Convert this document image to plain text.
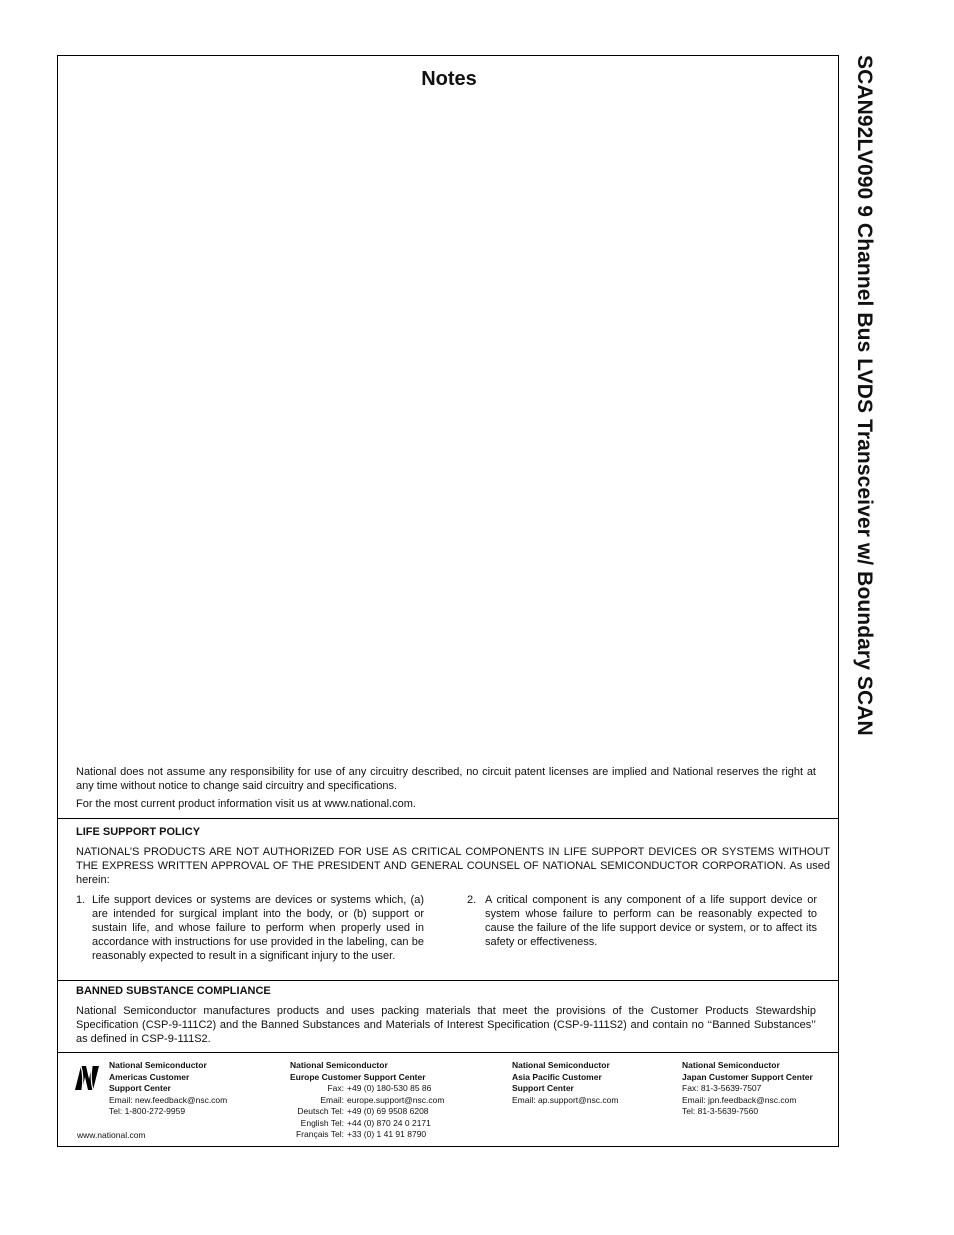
SCAN92LV090 9 Channel Bus LVDS Transceiver w/ Boundary SCAN
Notes
National does not assume any responsibility for use of any circuitry described, no circuit patent licenses are implied and National reserves the right at any time without notice to change said circuitry and specifications.
For the most current product information visit us at www.national.com.
LIFE SUPPORT POLICY
NATIONAL’S PRODUCTS ARE NOT AUTHORIZED FOR USE AS CRITICAL COMPONENTS IN LIFE SUPPORT DEVICES OR SYSTEMS WITHOUT THE EXPRESS WRITTEN APPROVAL OF THE PRESIDENT AND GENERAL COUNSEL OF NATIONAL SEMICONDUCTOR CORPORATION. As used herein:
1. Life support devices or systems are devices or systems which, (a) are intended for surgical implant into the body, or (b) support or sustain life, and whose failure to perform when properly used in accordance with instructions for use provided in the labeling, can be reasonably expected to result in a significant injury to the user.
2. A critical component is any component of a life support device or system whose failure to perform can be reasonably expected to cause the failure of the life support device or system, or to affect its safety or effectiveness.
BANNED SUBSTANCE COMPLIANCE
National Semiconductor manufactures products and uses packing materials that meet the provisions of the Customer Products Stewardship Specification (CSP-9-111C2) and the Banned Substances and Materials of Interest Specification (CSP-9-111S2) and contain no ‘‘Banned Substances’’ as defined in CSP-9-111S2.
National Semiconductor
Americas Customer
Support Center
Email: new.feedback@nsc.com
Tel: 1-800-272-9959
www.national.com
National Semiconductor
Europe Customer Support Center
Fax: +49 (0) 180-530 85 86
Email: europe.support@nsc.com
Deutsch Tel: +49 (0) 69 9508 6208
English Tel: +44 (0) 870 24 0 2171
Français Tel: +33 (0) 1 41 91 8790
National Semiconductor
Asia Pacific Customer
Support Center
Email: ap.support@nsc.com
National Semiconductor
Japan Customer Support Center
Fax: 81-3-5639-7507
Email: jpn.feedback@nsc.com
Tel: 81-3-5639-7560
